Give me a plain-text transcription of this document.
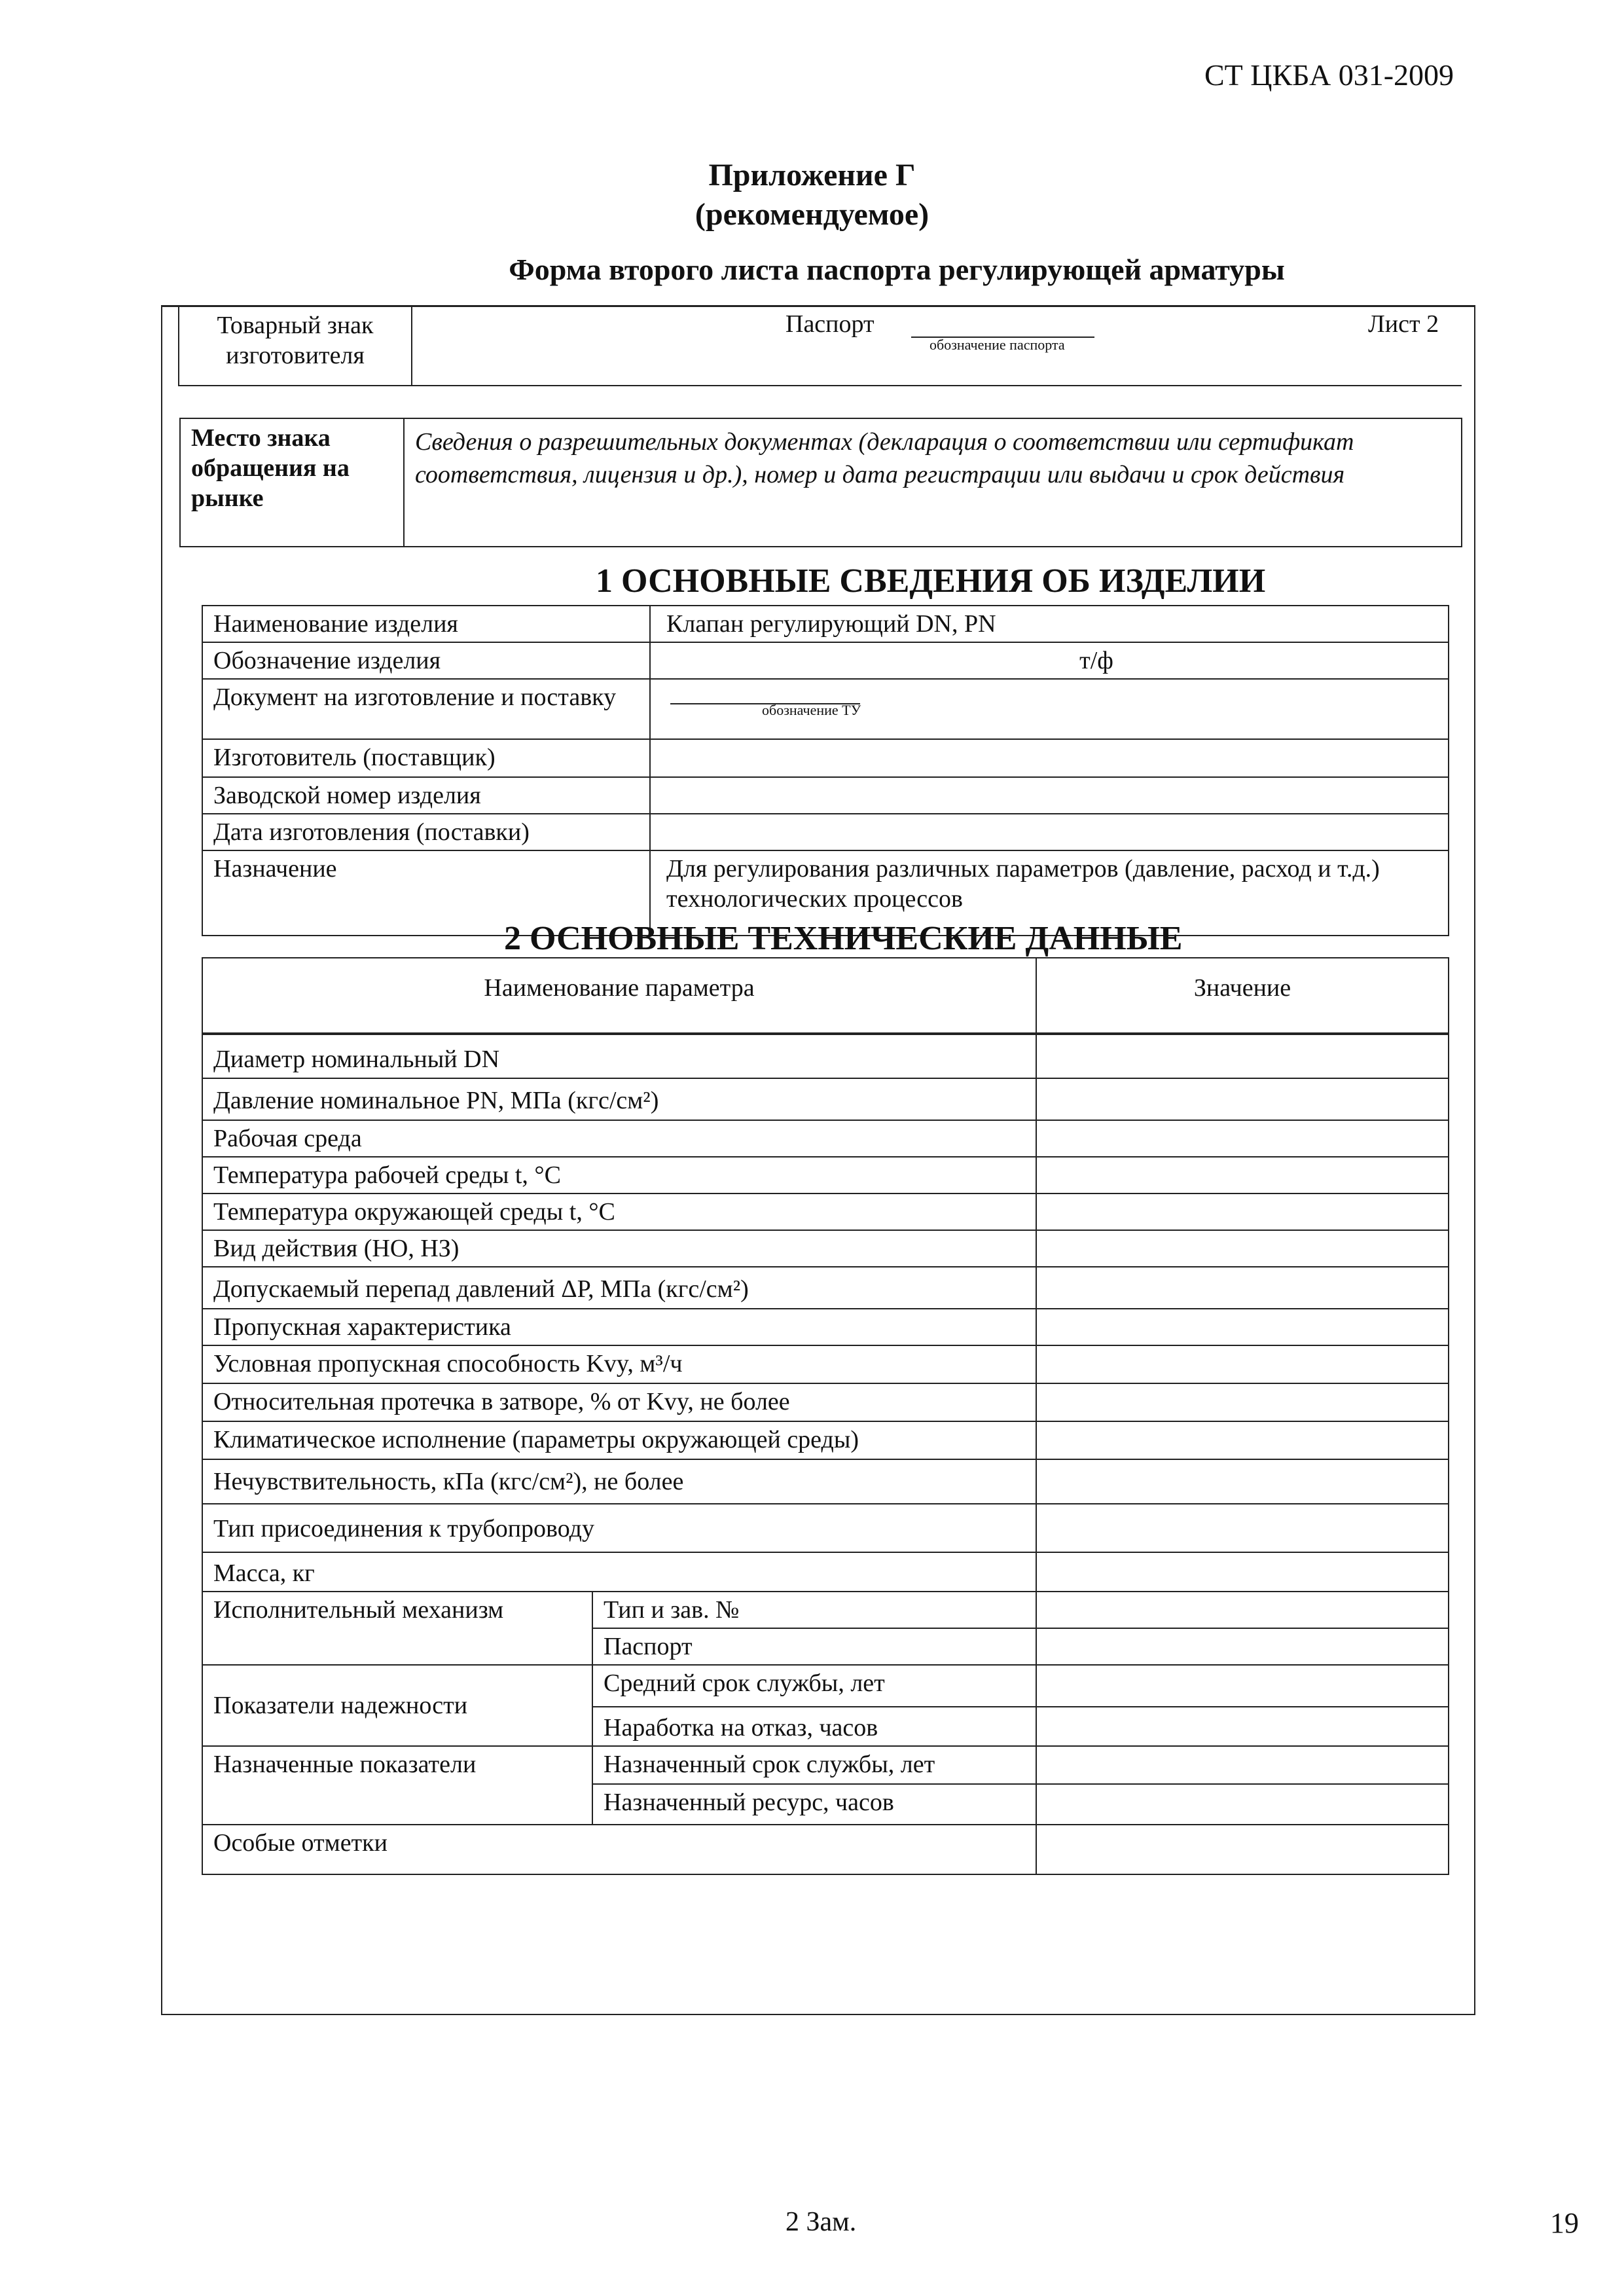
СТ ЦКБА 031-2009
Приложение Г
(рекомендуемое)
Форма второго листа паспорта регулирующей арматуры
Товарный знак изготовителя	
Паспорт
обозначение паспорта
Лист 2
Место знака обращения на рынке	Сведения о разрешительных документах (декларация о соответствии или сертификат соответствия, лицензия и др.), номер и дата регистрации или выдачи и срок действия
1 ОСНОВНЫЕ СВЕДЕНИЯ ОБ ИЗДЕЛИИ
Наименование изделия	Клапан регулирующий DN, PN
Обозначение изделия	т/ф
Документ на изготовление и поставку	обозначение ТУ

Изготовитель (поставщик)	
Заводской номер изделия	
Дата изготовления (поставки)	
Назначение	Для регулирования различных параметров (давление, расход и т.д.) технологических процессов
2 ОСНОВНЫЕ ТЕХНИЧЕСКИЕ ДАННЫЕ
Наименование параметра		Значение
Диаметр номинальный DN		
Давление номинальное PN, МПа (кгс/см²)		
Рабочая среда		
Температура рабочей среды t, °С		
Температура окружающей среды t, °С		
Вид действия (НО, НЗ)		
Допускаемый перепад давлений ΔР, МПа (кгс/см²)		
Пропускная характеристика		
Условная пропускная способность Kvy, м³/ч		
Относительная протечка в затворе, % от Kvy, не более		
Климатическое исполнение (параметры окружающей среды)		
Нечувствительность, кПа (кгс/см²), не более		
Тип присоединения к трубопроводу		
Масса, кг		
Исполнительный механизм	Тип и зав. №	
	Паспорт	
Показатели надежности	Средний срок службы, лет	
	Наработка на отказ, часов	
Назначенные показатели	Назначенный срок службы, лет	
	Назначенный ресурс, часов	
Особые отметки		
2 Зам.	19
